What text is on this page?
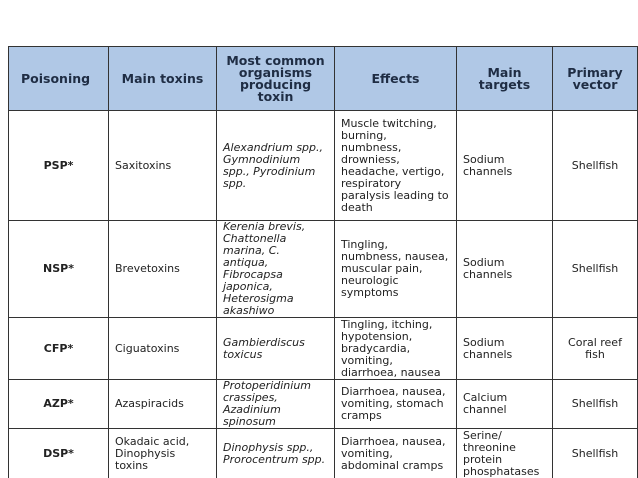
Poisoning	Main toxins	Most common organisms producing toxin	Effects	Main targets	Primary vector
PSP*	Saxitoxins	Alexandrium spp., Gymnodinium spp., Pyrodinium spp.	Muscle twitching, burning, numbness, drowniess, headache, vertigo, respiratory paralysis leading to death	Sodium channels	Shellfish
NSP*	Brevetoxins	Kerenia brevis, Chattonella marina, C. antiqua, Fibrocapsa japonica, Heterosigma akashiwo	Tingling, numbness, nausea, muscular pain, neurologic symptoms	Sodium channels	Shellfish
CFP*	Ciguatoxins	Gambierdiscus toxicus	Tingling, itching, hypotension, bradycardia, vomiting, diarrhoea, nausea	Sodium channels	Coral reef fish
AZP*	Azaspiracids	Protoperidinium crassipes, Azadinium spinosum	Diarrhoea, nausea, vomiting, stomach cramps	Calcium channel	Shellfish
DSP*	Okadaic acid, Dinophysis toxins	Dinophysis spp., Prorocentrum spp.	Diarrhoea, nausea, vomiting, abdominal cramps	Serine/ threonine protein phosphatases	Shellfish
